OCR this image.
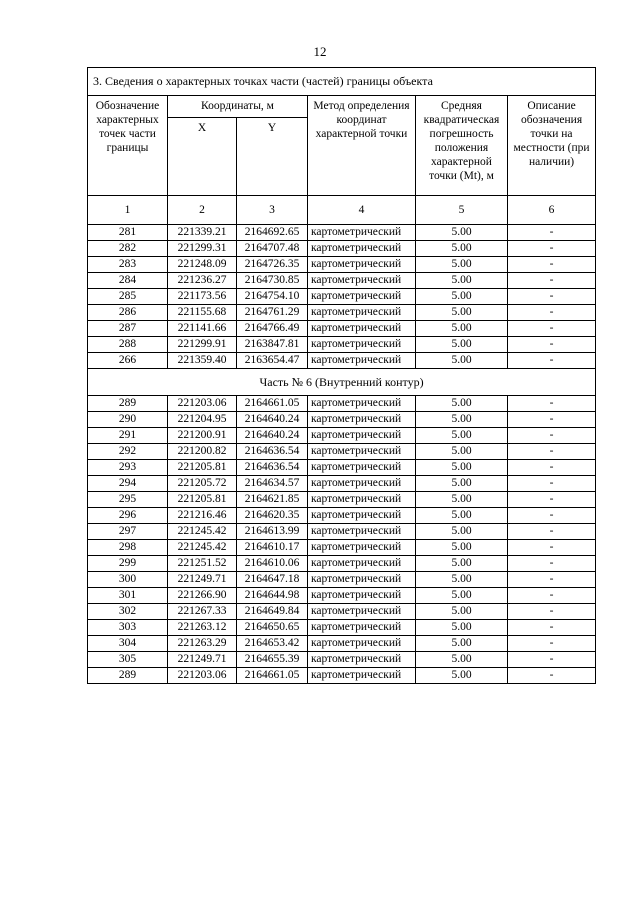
12
3. Сведения о характерных точках части (частей) границы объекта					
Обозначение характерных точек части границы	Координаты, м		Метод определения координат характерной точки	Средняя квадратическая погрешность положения характерной точки (Mt), м	Описание обозначения точки на местности (при наличии)
	X	Y			
1	2	3	4	5	6
281	221339.21	2164692.65	картометрический	5.00	-
282	221299.31	2164707.48	картометрический	5.00	-
283	221248.09	2164726.35	картометрический	5.00	-
284	221236.27	2164730.85	картометрический	5.00	-
285	221173.56	2164754.10	картометрический	5.00	-
286	221155.68	2164761.29	картометрический	5.00	-
287	221141.66	2164766.49	картометрический	5.00	-
288	221299.91	2163847.81	картометрический	5.00	-
266	221359.40	2163654.47	картометрический	5.00	-
Часть № 6 (Внутренний контур)					
289	221203.06	2164661.05	картометрический	5.00	-
290	221204.95	2164640.24	картометрический	5.00	-
291	221200.91	2164640.24	картометрический	5.00	-
292	221200.82	2164636.54	картометрический	5.00	-
293	221205.81	2164636.54	картометрический	5.00	-
294	221205.72	2164634.57	картометрический	5.00	-
295	221205.81	2164621.85	картометрический	5.00	-
296	221216.46	2164620.35	картометрический	5.00	-
297	221245.42	2164613.99	картометрический	5.00	-
298	221245.42	2164610.17	картометрический	5.00	-
299	221251.52	2164610.06	картометрический	5.00	-
300	221249.71	2164647.18	картометрический	5.00	-
301	221266.90	2164644.98	картометрический	5.00	-
302	221267.33	2164649.84	картометрический	5.00	-
303	221263.12	2164650.65	картометрический	5.00	-
304	221263.29	2164653.42	картометрический	5.00	-
305	221249.71	2164655.39	картометрический	5.00	-
289	221203.06	2164661.05	картометрический	5.00	-
